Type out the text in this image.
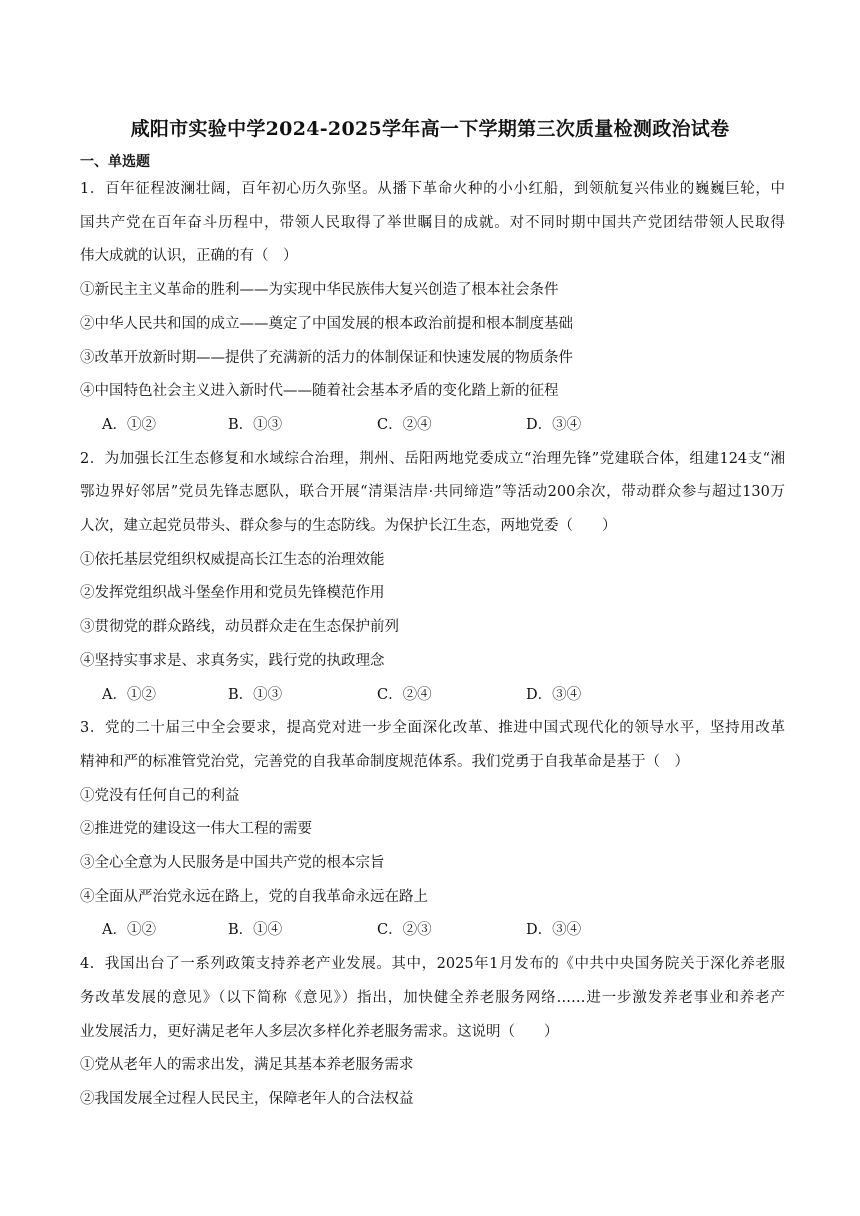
咸阳市实验中学2024-2025学年高一下学期第三次质量检测政治试卷
一、单选题
1．百年征程波澜壮阔，百年初心历久弥坚。从播下革命火种的小小红船，到领航复兴伟业的巍巍巨轮，中
国共产党在百年奋斗历程中，带领人民取得了举世瞩目的成就。对不同时期中国共产党团结带领人民取得
伟大成就的认识，正确的有（　）
①新民主主义革命的胜利——为实现中华民族伟大复兴创造了根本社会条件
②中华人民共和国的成立——奠定了中国发展的根本政治前提和根本制度基础
③改革开放新时期——提供了充满新的活力的体制保证和快速发展的物质条件
④中国特色社会主义进入新时代——随着社会基本矛盾的变化踏上新的征程
A．①②	B．①③	C．②④	D．③④
2．为加强长江生态修复和水域综合治理，荆州、岳阳两地党委成立“治理先锋”党建联合体，组建124支“湘
鄂边界好邻居”党员先锋志愿队，联合开展“清渠洁岸·共同缔造”等活动200余次，带动群众参与超过130万
人次，建立起党员带头、群众参与的生态防线。为保护长江生态，两地党委（　　）
①依托基层党组织权威提高长江生态的治理效能
②发挥党组织战斗堡垒作用和党员先锋模范作用
③贯彻党的群众路线，动员群众走在生态保护前列
④坚持实事求是、求真务实，践行党的执政理念
A．①②	B．①③	C．②④	D．③④
3．党的二十届三中全会要求，提高党对进一步全面深化改革、推进中国式现代化的领导水平，坚持用改革
精神和严的标准管党治党，完善党的自我革命制度规范体系。我们党勇于自我革命是基于（　）
①党没有任何自己的利益
②推进党的建设这一伟大工程的需要
③全心全意为人民服务是中国共产党的根本宗旨
④全面从严治党永远在路上，党的自我革命永远在路上
A．①②	B．①④	C．②③	D．③④
4．我国出台了一系列政策支持养老产业发展。其中，2025年1月发布的《中共中央国务院关于深化养老服
务改革发展的意见》（以下简称《意见》）指出，加快健全养老服务网络……进一步激发养老事业和养老产
业发展活力，更好满足老年人多层次多样化养老服务需求。这说明（　　）
①党从老年人的需求出发，满足其基本养老服务需求
②我国发展全过程人民民主，保障老年人的合法权益
